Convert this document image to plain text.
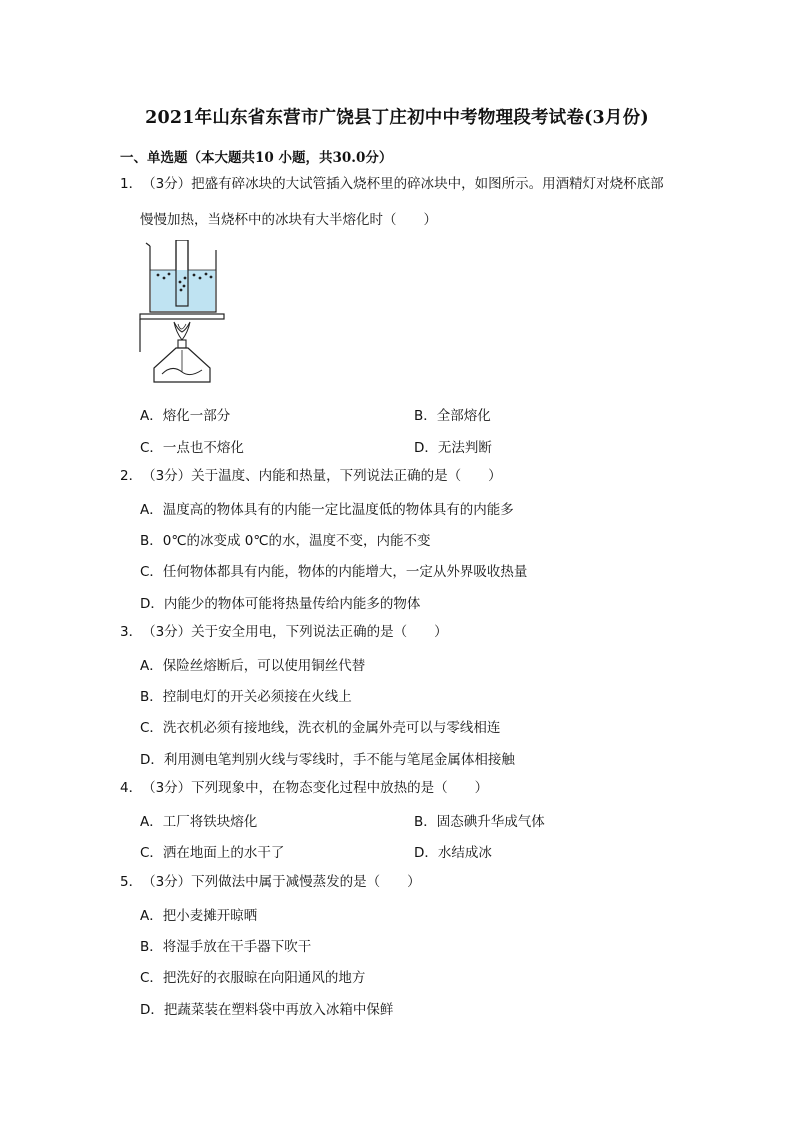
2021年山东省东营市广饶县丁庄初中中考物理段考试卷(3月份)
一、单选题（本大题共10 小题，共30.0分）
1．（3分）把盛有碎冰块的大试管插入烧杯里的碎冰块中，如图所示。用酒精灯对烧杯底部
慢慢加热，当烧杯中的冰块有大半熔化时（　　）
A．熔化一部分	B．全部熔化
C．一点也不熔化	D．无法判断
2．（3分）关于温度、内能和热量，下列说法正确的是（　　）
A．温度高的物体具有的内能一定比温度低的物体具有的内能多
B．0℃的冰变成 0℃的水，温度不变，内能不变
C．任何物体都具有内能，物体的内能增大，一定从外界吸收热量
D．内能少的物体可能将热量传给内能多的物体
3．（3分）关于安全用电，下列说法正确的是（　　）
A．保险丝熔断后，可以使用铜丝代替
B．控制电灯的开关必须接在火线上
C．洗衣机必须有接地线，洗衣机的金属外壳可以与零线相连
D．利用测电笔判别火线与零线时，手不能与笔尾金属体相接触
4．（3分）下列现象中，在物态变化过程中放热的是（　　）
A．工厂将铁块熔化	B．固态碘升华成气体
C．洒在地面上的水干了	D．水结成冰
5．（3分）下列做法中属于减慢蒸发的是（　　）
A．把小麦摊开晾晒
B．将湿手放在干手器下吹干
C．把洗好的衣服晾在向阳通风的地方
D．把蔬菜装在塑料袋中再放入冰箱中保鲜
